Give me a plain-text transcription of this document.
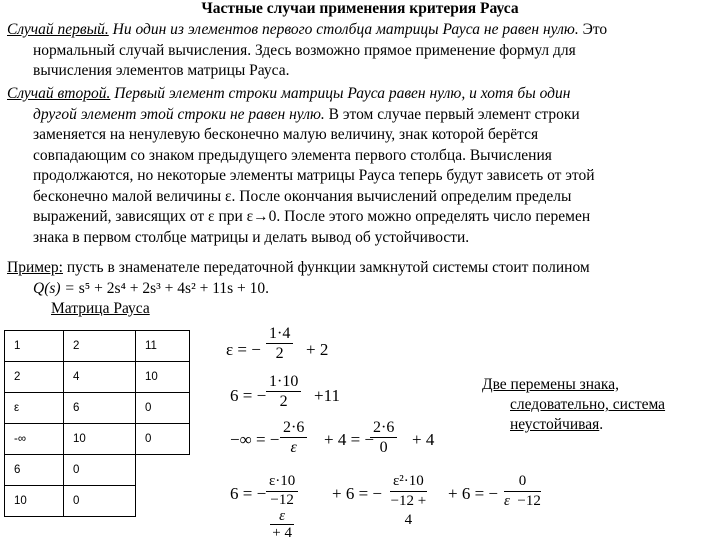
Частные случаи применения критерия Рауса
Случай первый. Ни один из элементов первого столбца матрицы Рауса не равен нулю. Это
нормальный случай вычисления. Здесь возможно прямое применение формул для
вычисления элементов матрицы Рауса.
Случай второй. Первый элемент строки матрицы Рауса равен нулю, и хотя бы один
другой элемент этой строки не равен нулю. В этом случае первый элемент строки
заменяется на ненулевую бесконечно малую величину, знак которой берётся
совпадающим со знаком предыдущего элемента первого столбца. Вычисления
продолжаются, но некоторые элементы матрицы Рауса теперь будут зависеть от этой
бесконечно малой величины ε. После окончания вычислений определим пределы
выражений, зависящих от ε при ε→0. После этого можно определять число перемен
знака в первом столбце матрицы и делать вывод об устойчивости.
Пример: пусть в знаменателе передаточной функции замкнутой системы стоит полином
Q(s) = s⁵ + 2s⁴ + 2s³ + 4s² + 11s + 10.
Матрица Рауса
1	2	11
2	4	10
ε	6	0
-∞	10	0
6	0	
10	0	
ε = − $\frac{1\cdot 4}{2} + 2$
6 = − $\frac{1\cdot 10}{2} +11$
−∞ = − $\frac{2\cdot 6}{\varepsilon} + 4$ = −
$\frac{2\cdot 6}{0} + 4$
6 = − ε·10
−12
ε
+ 4 + 6 = − $\frac{\text{ε²·10}}{-12 + 4} + 6$ = − $\frac{0}{\varepsilon -12}$
Две перемены знака,
следовательно, система
неустойчивая.
